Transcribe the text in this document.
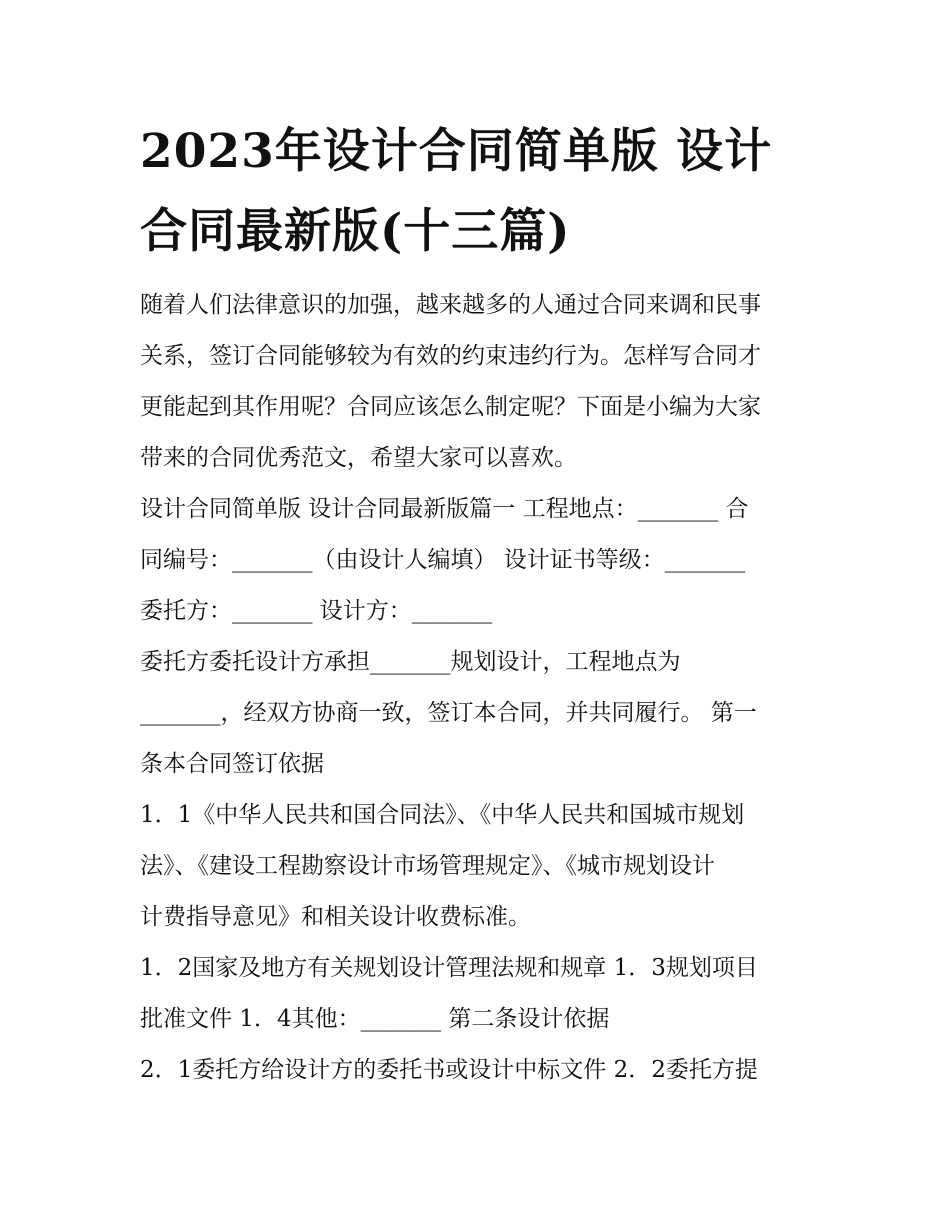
2023年设计合同简单版 设计
合同最新版(十三篇)

随着人们法律意识的加强，越来越多的人通过合同来调和民事
关系，签订合同能够较为有效的约束违约行为。怎样写合同才
更能起到其作用呢？合同应该怎么制定呢？下面是小编为大家
带来的合同优秀范文，希望大家可以喜欢。

设计合同简单版 设计合同最新版篇一 工程地点：_______ 合
同编号：_______（由设计人编填） 设计证书等级：_______
委托方：_______ 设计方：_______

委托方委托设计方承担_______规划设计，工程地点为
_______，经双方协商一致，签订本合同，并共同履行。 第一
条本合同签订依据

1．1《中华人民共和国合同法》、《中华人民共和国城市规划
法》、《建设工程勘察设计市场管理规定》、《城市规划设计
计费指导意见》和相关设计收费标准。

1．2国家及地方有关规划设计管理法规和规章 1．3规划项目
批准文件 1．4其他：_______ 第二条设计依据

2．1委托方给设计方的委托书或设计中标文件 2．2委托方提
